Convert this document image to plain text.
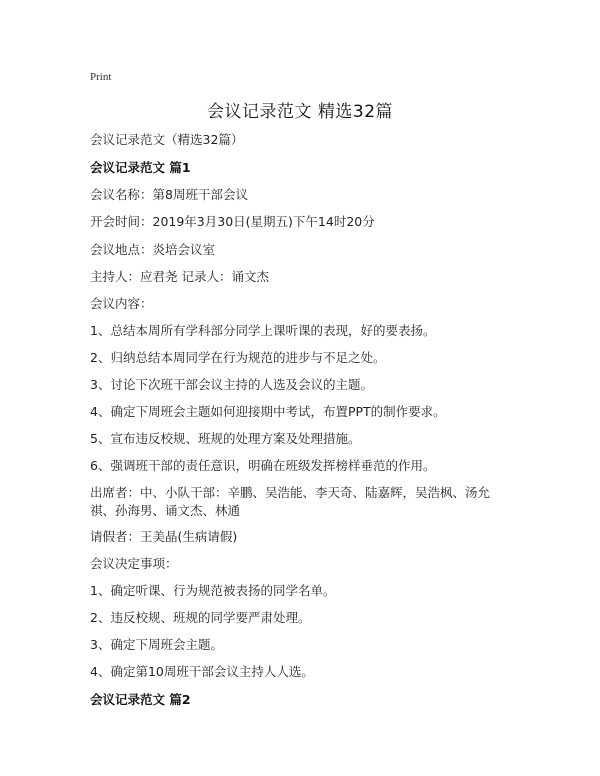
Print
会议记录范文 精选32篇
会议记录范文（精选32篇）
会议记录范文 篇1
会议名称：第8周班干部会议
开会时间：2019年3月30日(星期五)下午14时20分
会议地点：炎培会议室
主持人：应君尧 记录人：诵文杰
会议内容：
1、总结本周所有学科部分同学上课听课的表现，好的要表扬。
2、归纳总结本周同学在行为规范的进步与不足之处。
3、讨论下次班干部会议主持的人选及会议的主题。
4、确定下周班会主题如何迎接期中考试，布置PPT的制作要求。
5、宣布违反校规、班规的处理方案及处理措施。
6、强调班干部的责任意识，明确在班级发挥榜样垂范的作用。
出席者：中、小队干部：辛鹏、吴浩能、李天奇、陆嘉辉，吴浩枫、汤允祺、孙海男、诵文杰、林通
请假者：王美晶(生病请假)
会议决定事项：
1、确定听课、行为规范被表扬的同学名单。
2、违反校规、班规的同学要严肃处理。
3、确定下周班会主题。
4、确定第10周班干部会议主持人人选。
会议记录范文 篇2
